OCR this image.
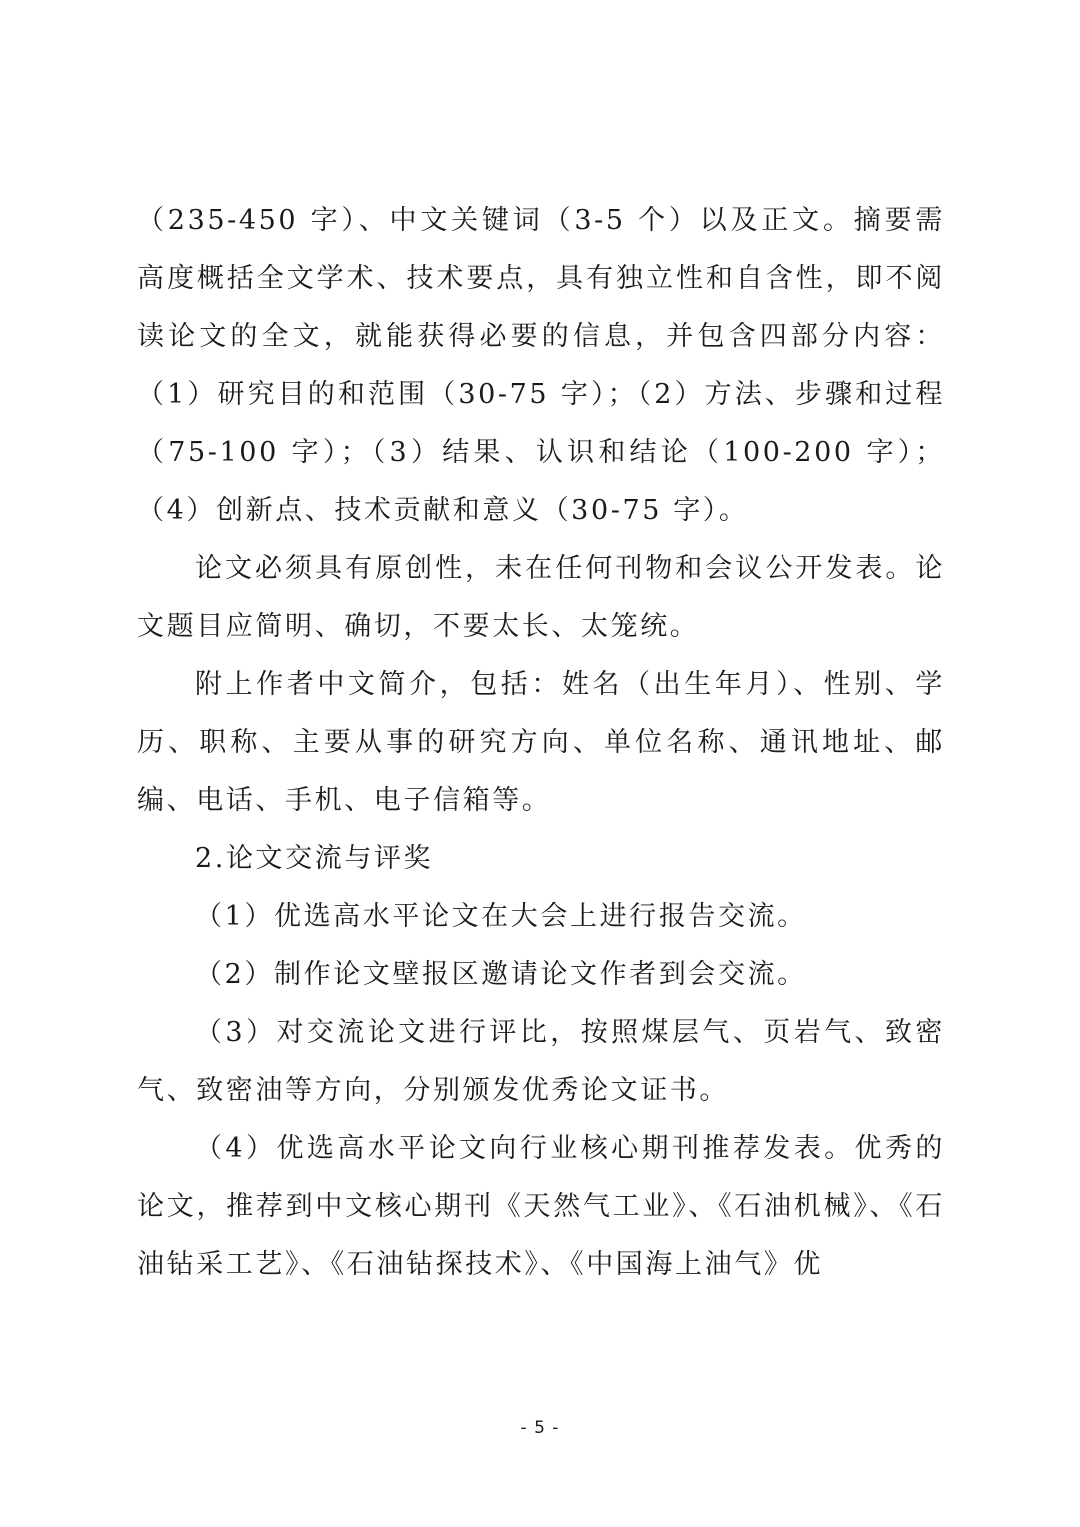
（235-450 字）、中文关键词（3-5 个）以及正文。摘要需高度概括全文学术、技术要点，具有独立性和自含性，即不阅读论文的全文，就能获得必要的信息，并包含四部分内容：（1）研究目的和范围（30-75 字）；（2）方法、步骤和过程（75-100 字）；（3）结果、认识和结论（100-200 字）；（4）创新点、技术贡献和意义（30-75 字）。

论文必须具有原创性，未在任何刊物和会议公开发表。论文题目应简明、确切，不要太长、太笼统。

附上作者中文简介，包括：姓名（出生年月）、性别、学历、职称、主要从事的研究方向、单位名称、通讯地址、邮编、电话、手机、电子信箱等。

2.论文交流与评奖

（1）优选高水平论文在大会上进行报告交流。

（2）制作论文壁报区邀请论文作者到会交流。

（3）对交流论文进行评比，按照煤层气、页岩气、致密气、致密油等方向，分别颁发优秀论文证书。

（4）优选高水平论文向行业核心期刊推荐发表。优秀的论文，推荐到中文核心期刊《天然气工业》、《石油机械》、《石油钻采工艺》、《石油钻探技术》、《中国海上油气》优

- 5 -
